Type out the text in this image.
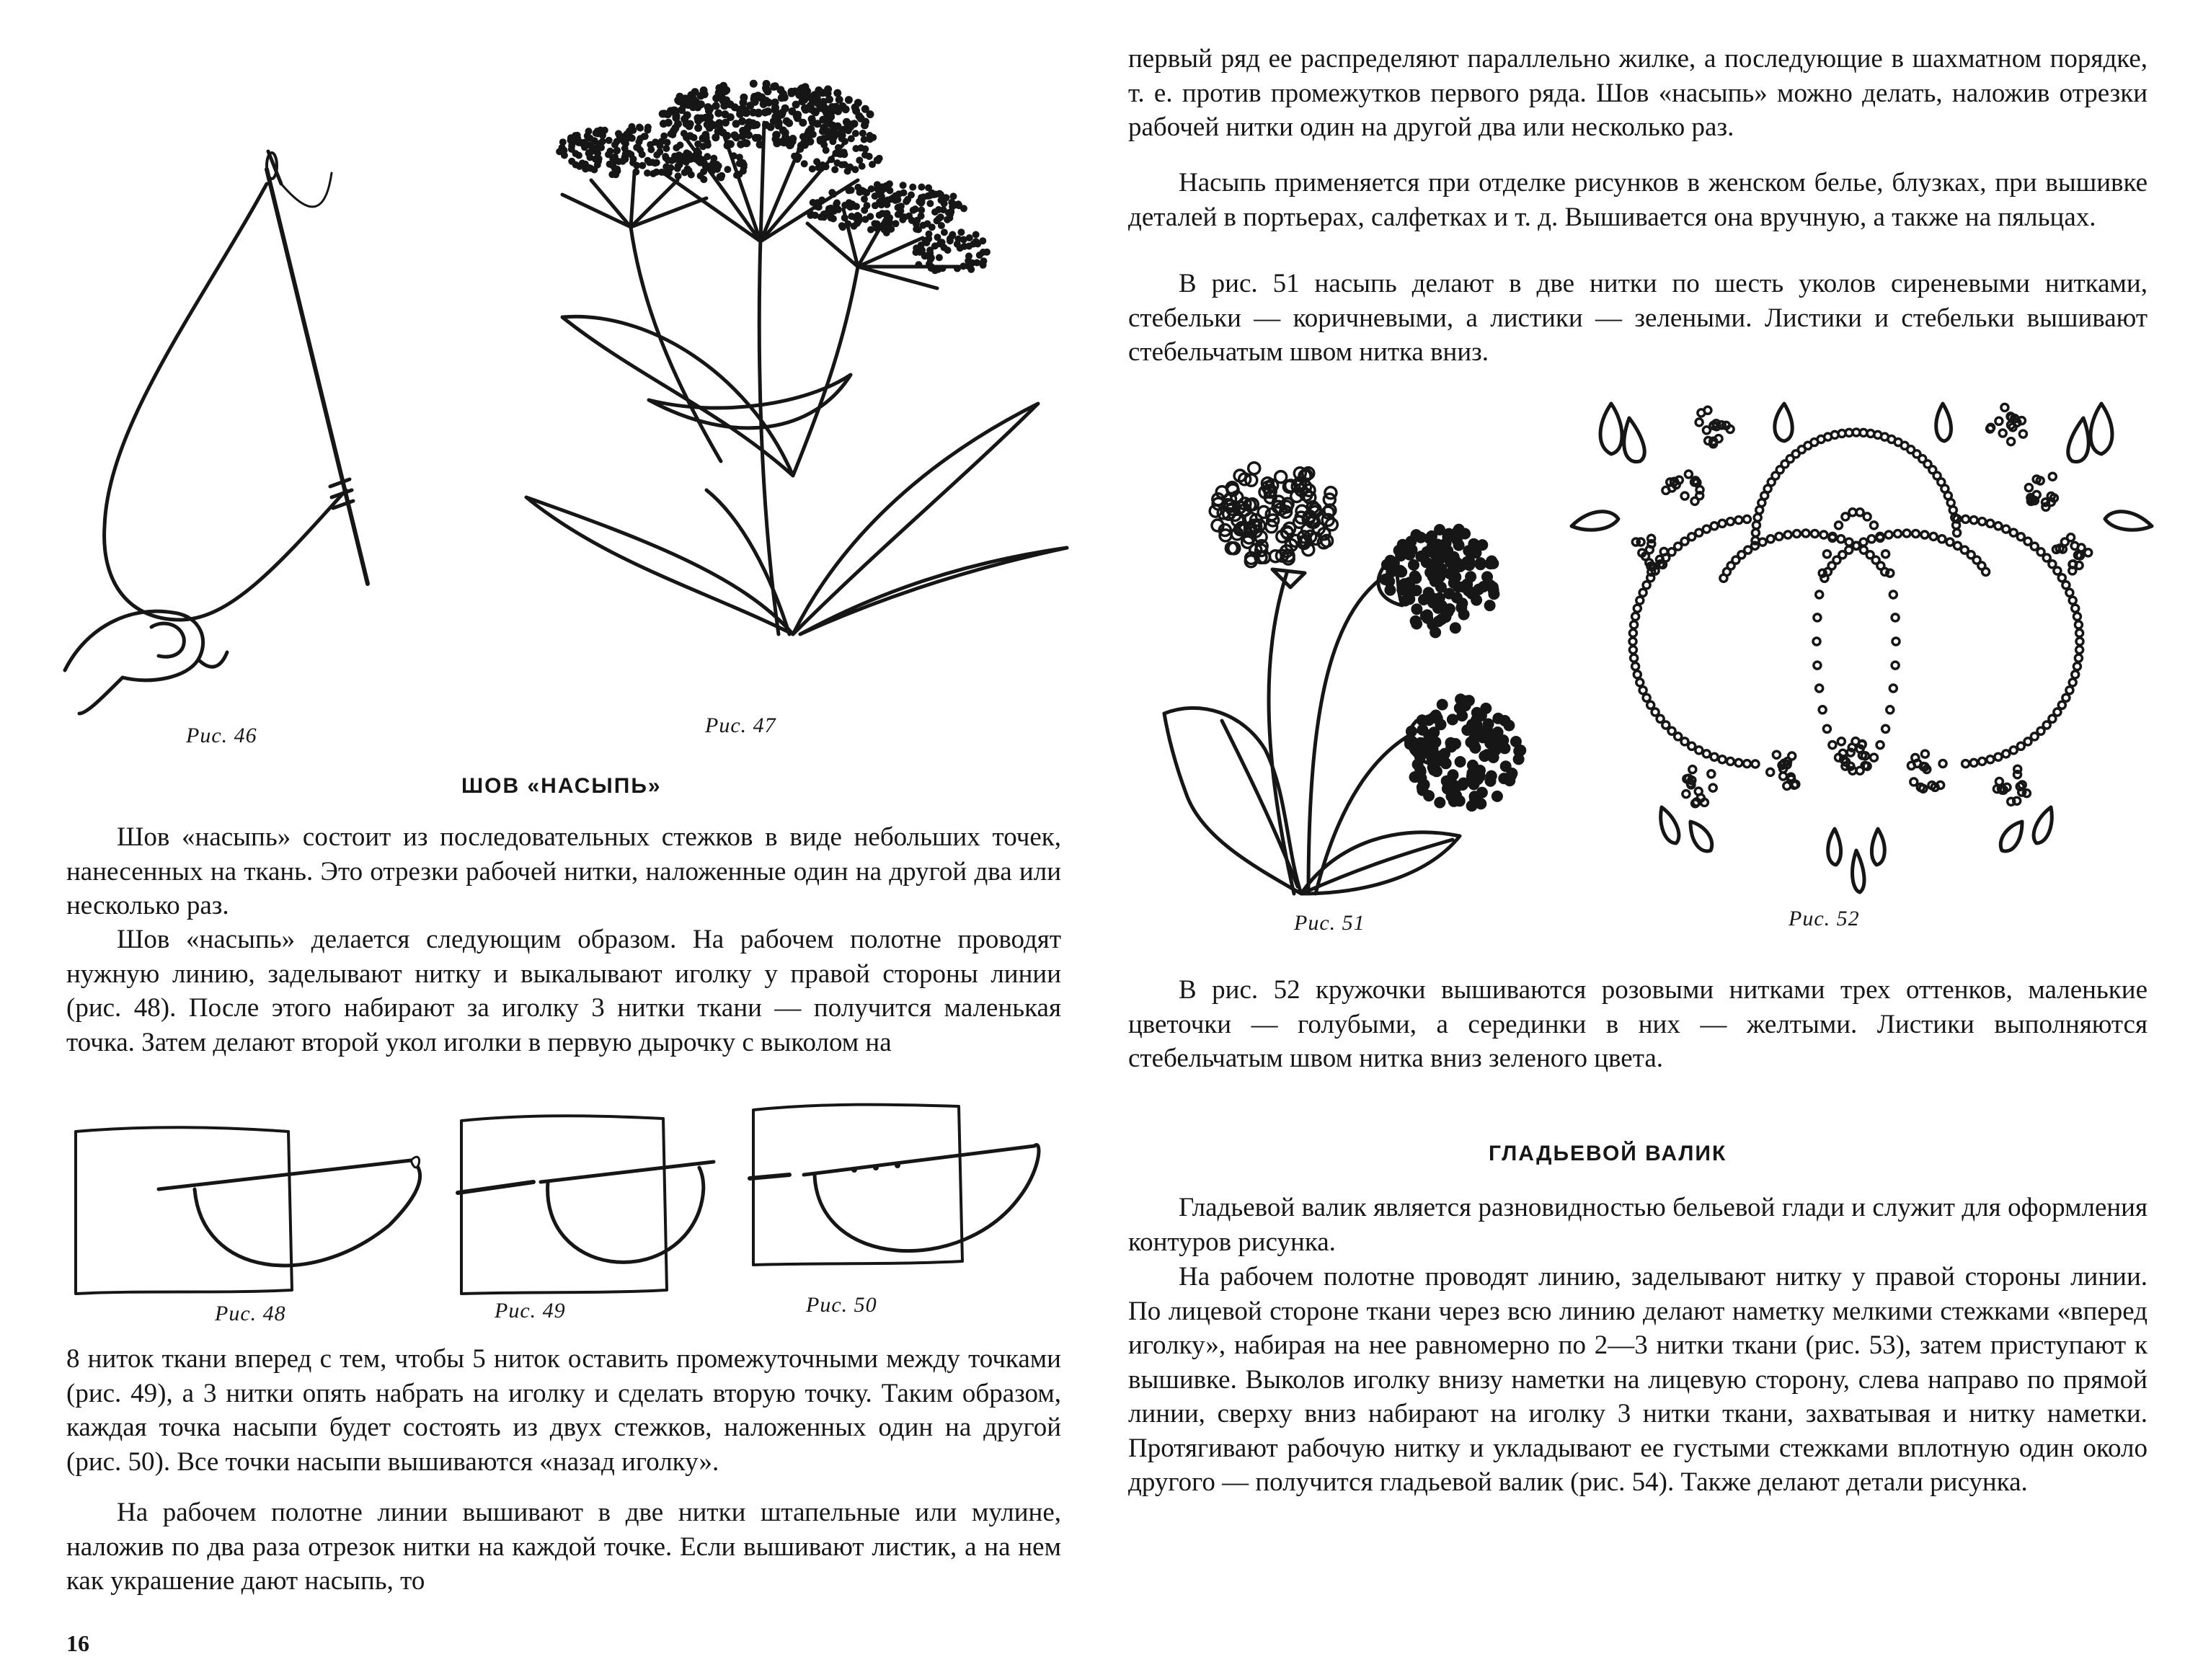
Рис. 46	Рис. 47
ШОВ «НАСЫПЬ»

Шов «насыпь» состоит из последовательных стежков в виде небольших точек, нанесенных на ткань. Это отрезки рабочей нитки, наложенные один на другой два или несколько раз.

Шов «насыпь» делается следующим образом. На рабочем полотне проводят нужную линию, заделывают нитку и выкалывают иголку у правой стороны линии (рис. 48). После этого набирают за иголку 3 нитки ткани — получится маленькая точка. Затем делают второй укол иголки в первую дырочку с выколом на

Рис. 48	Рис. 49	Рис. 50

8 ниток ткани вперед с тем, чтобы 5 ниток оставить промежуточными между точками (рис. 49), а 3 нитки опять набрать на иголку и сделать вторую точку. Таким образом, каждая точка насыпи будет состоять из двух стежков, наложенных один на другой (рис. 50). Все точки насыпи вышиваются «назад иголку».

На рабочем полотне линии вышивают в две нитки штапельные или мулине, наложив по два раза отрезок нитки на каждой точке. Если вышивают листик, а на нем как украшение дают насыпь, то

16

первый ряд ее распределяют параллельно жилке, а последующие в шахматном порядке, т. е. против промежутков первого ряда. Шов «насыпь» можно делать, наложив отрезки рабочей нитки один на другой два или несколько раз.

Насыпь применяется при отделке рисунков в женском белье, блузках, при вышивке деталей в портьерах, салфетках и т. д. Вышивается она вручную, а также на пяльцах.

В рис. 51 насыпь делают в две нитки по шесть уколов сиреневыми нитками, стебельки — коричневыми, а листики — зелеными. Листики и стебельки вышивают стебельчатым швом нитка вниз.

Рис. 51	Рис. 52

В рис. 52 кружочки вышиваются розовыми нитками трех оттенков, маленькие цветочки — голубыми, а серединки в них — желтыми. Листики выполняются стебельчатым швом нитка вниз зеленого цвета.

ГЛАДЬЕВОЙ ВАЛИК

Гладьевой валик является разновидностью бельевой глади и служит для оформления контуров рисунка.

На рабочем полотне проводят линию, заделывают нитку у правой стороны линии. По лицевой стороне ткани через всю линию делают наметку мелкими стежками «вперед иголку», набирая на нее равномерно по 2—3 нитки ткани (рис. 53), затем приступают к вышивке. Выколов иголку внизу наметки на лицевую сторону, слева направо по прямой линии, сверху вниз набирают на иголку 3 нитки ткани, захватывая и нитку наметки. Протягивают рабочую нитку и укладывают ее густыми стежками вплотную один около другого — получится гладьевой валик (рис. 54). Также делают детали рисунка.
